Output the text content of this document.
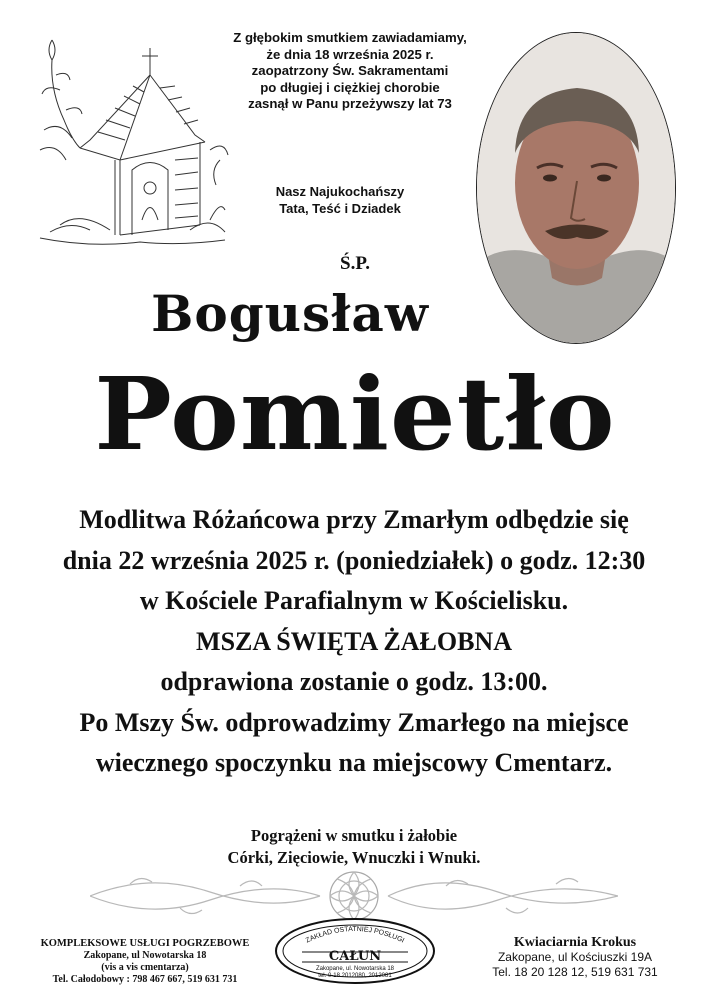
Z głębokim smutkiem zawiadamiamy,
że dnia 18 września 2025 r.
zaopatrzony Św. Sakramentami
po długiej i ciężkiej chorobie
zasnął w Panu przeżywszy lat 73
Nasz Najukochańszy
Tata, Teść i Dziadek
Ś.P.
Bogusław
Pomietło
Modlitwa Różańcowa przy Zmarłym odbędzie się
dnia 22 września 2025 r. (poniedziałek) o godz. 12:30
w Kościele Parafialnym w Kościelisku.
MSZA ŚWIĘTA ŻAŁOBNA
odprawiona zostanie o godz. 13:00.
Po Mszy Św. odprowadzimy Zmarłego na miejsce
wiecznego spoczynku na miejscowy Cmentarz.
Pogrążeni w smutku i żałobie
Córki, Zięciowie, Wnuczki i Wnuki.
KOMPLEKSOWE USŁUGI POGRZEBOWE
Zakopane, ul Nowotarska 18
(vis a vis cmentarza)
Tel. Całodobowy : 798 467 667, 519 631 731
ZAKŁAD OSTATNIEJ POSŁUGI
CAŁUN
Zakopane, ul. Nowotarska 18
tel. 0-18 2012080, 2012081
Kwiaciarnia Krokus
Zakopane, ul Kościuszki 19A
Tel. 18 20 128 12, 519 631 731
